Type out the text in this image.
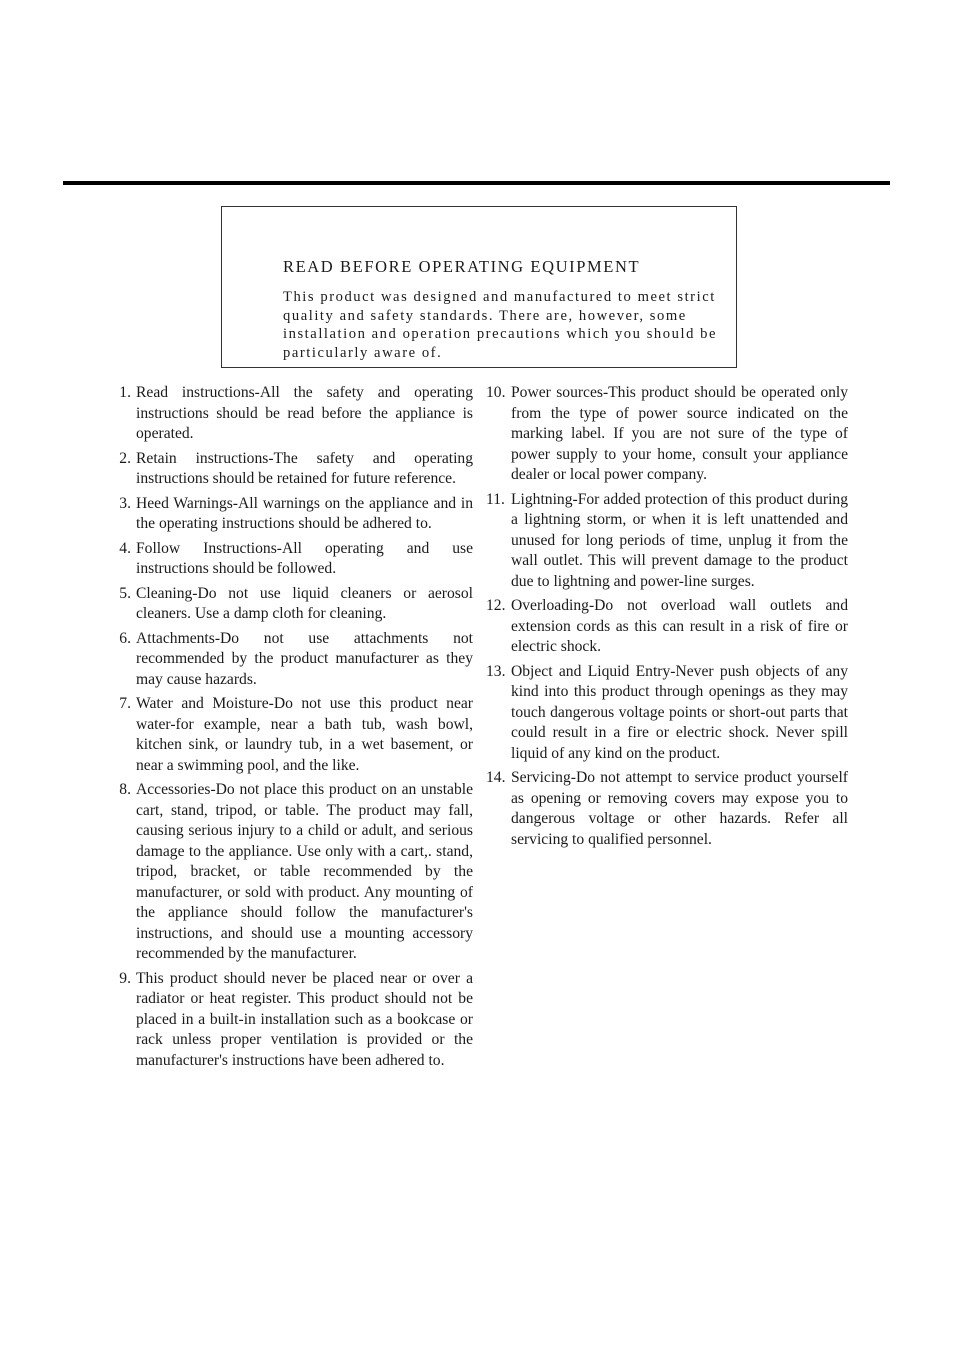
READ BEFORE OPERATING EQUIPMENT

This product was designed and manufactured to meet strict quality and safety standards. There are, however, some installation and operation precautions which you should be particularly aware of.

1. Read instructions-All the safety and operating instructions should be read before the appliance is operated.
2. Retain instructions-The safety and operating instructions should be retained for future reference.
3. Heed Warnings-All warnings on the appliance and in the operating instructions should be adhered to.
4. Follow Instructions-All operating and use instructions should be followed.
5. Cleaning-Do not use liquid cleaners or aerosol cleaners. Use a damp cloth for cleaning.
6. Attachments-Do not use attachments not recommended by the product manufacturer as they may cause hazards.
7. Water and Moisture-Do not use this product near water-for example, near a bath tub, wash bowl, kitchen sink, or laundry tub, in a wet basement, or near a swimming pool, and the like.
8. Accessories-Do not place this product on an unstable cart, stand, tripod, or table. The product may fall, causing serious injury to a child or adult, and serious damage to the appliance. Use only with a cart,. stand, tripod, bracket, or table recommended by the manufacturer, or sold with product. Any mounting of the appliance should follow the manufacturer's instructions, and should use a mounting accessory recommended by the manufacturer.
9. This product should never be placed near or over a radiator or heat register. This product should not be placed in a built-in installation such as a bookcase or rack unless proper ventilation is provided or the manufacturer's instructions have been adhered to.
10. Power sources-This product should be operated only from the type of power source indicated on the marking label. If you are not sure of the type of power supply to your home, consult your appliance dealer or local power company.
11. Lightning-For added protection of this product during a lightning storm, or when it is left unattended and unused for long periods of time, unplug it from the wall outlet. This will prevent damage to the product due to lightning and power-line surges.
12. Overloading-Do not overload wall outlets and extension cords as this can result in a risk of fire or electric shock.
13. Object and Liquid Entry-Never push objects of any kind into this product through openings as they may touch dangerous voltage points or short-out parts that could result in a fire or electric shock. Never spill liquid of any kind on the product.
14. Servicing-Do not attempt to service product yourself as opening or removing covers may expose you to dangerous voltage or other hazards. Refer all servicing to qualified personnel.
